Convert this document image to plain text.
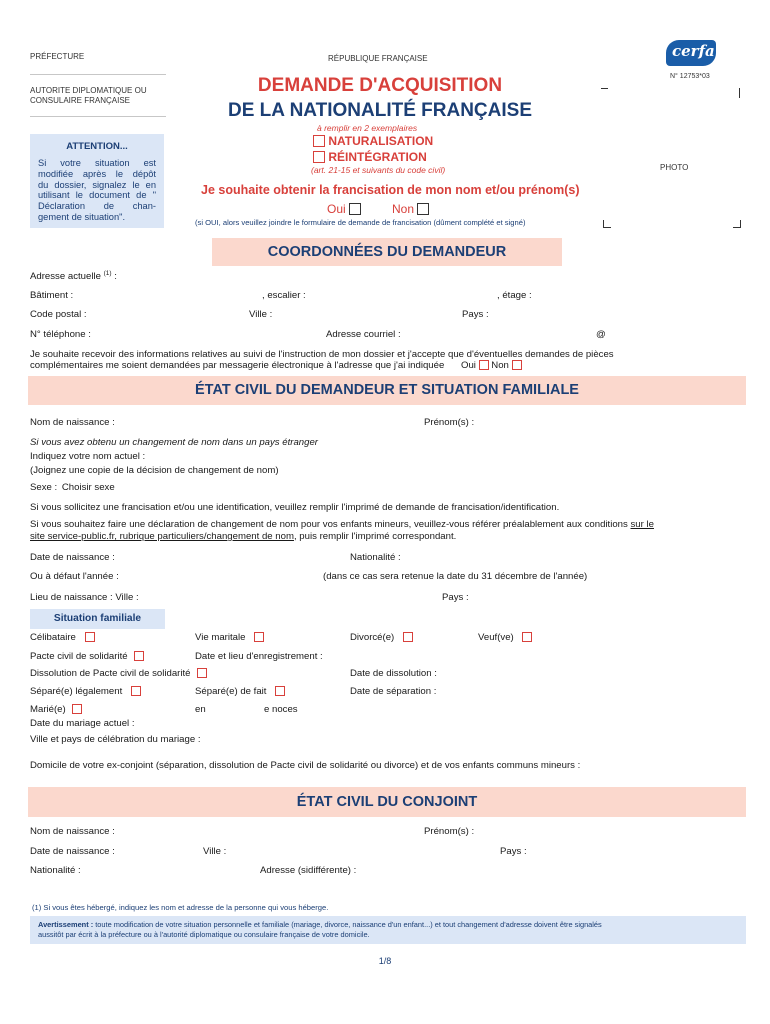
PRÉFECTURE
AUTORITE DIPLOMATIQUE OU
CONSULAIRE FRANÇAISE
RÉPUBLIQUE FRANÇAISE	cerfa
N° 12753*03
DEMANDE D'ACQUISITION
DE LA NATIONALITÉ FRANÇAISE
à remplir en 2 exemplaires
NATURALISATION
RÉINTÉGRATION
(art. 21-15 et suivants du code civil)	PHOTO
ATTENTION...
Si votre situation est
modifiée après le dépôt
du dossier, signalez le en
utilisant le document de "
Déclaration de chan-
gement de situation".
Je souhaite obtenir la francisation de mon nom et/ou prénom(s)
Oui	Non
(si OUI, alors veuillez joindre le formulaire de demande de francisation (dûment complété et signé)
COORDONNÉES DU DEMANDEUR
Adresse actuelle $^{(1)}$ :
Bâtiment :	, escalier :	, étage :
Code postal :	Ville :	Pays :
N° téléphone :	Adresse courriel :	@
Je souhaite recevoir des informations relatives au suivi de l'instruction de mon dossier et j'accepte que d'éventuelles demandes de pièces
complémentaires me soient demandées par messagerie électronique à l'adresse que j'ai indiquée Oui Non
ÉTAT CIVIL DU DEMANDEUR ET SITUATION FAMILIALE
Nom de naissance :	Prénom(s) :
Si vous avez obtenu un changement de nom dans un pays étranger
Indiquez votre nom actuel :
(Joignez une copie de la décision de changement de nom)
Sexe : Choisir sexe
Si vous sollicitez une francisation et/ou une identification, veuillez remplir l'imprimé de demande de francisation/identification.
Si vous souhaitez faire une déclaration de changement de nom pour vos enfants mineurs, veuillez-vous référer préalablement aux conditions sur le
site service-public.fr, rubrique particuliers/changement de nom, puis remplir l'imprimé correspondant.
Date de naissance :	Nationalité :
Ou à défaut l'année :	(dans ce cas sera retenue la date du 31 décembre de l'année)
Lieu de naissance : Ville :	Pays :
Situation familiale
Célibataire	Vie maritale	Divorcé(e)	Veuf(ve)
Pacte civil de solidarité	Date et lieu d'enregistrement :
Dissolution de Pacte civil de solidarité	Date de dissolution :
Séparé(e) légalement	Séparé(e) de fait	Date de séparation :
Marié(e)	en	e noces
Date du mariage actuel :
Ville et pays de célébration du mariage :
Domicile de votre ex-conjoint (séparation, dissolution de Pacte civil de solidarité ou divorce) et de vos enfants communs mineurs :
ÉTAT CIVIL DU CONJOINT
Nom de naissance :	Prénom(s) :
Date de naissance :	Ville :	Pays :
Nationalité :	Adresse (sidifférente) :
(1) Si vous êtes hébergé, indiquez les nom et adresse de la personne qui vous héberge.
Avertissement : toute modification de votre situation personnelle et familiale (mariage, divorce, naissance d'un enfant...) et tout changement d'adresse doivent être signalés
aussitôt par écrit à la préfecture ou à l'autorité diplomatique ou consulaire française de votre domicile.
1/8
